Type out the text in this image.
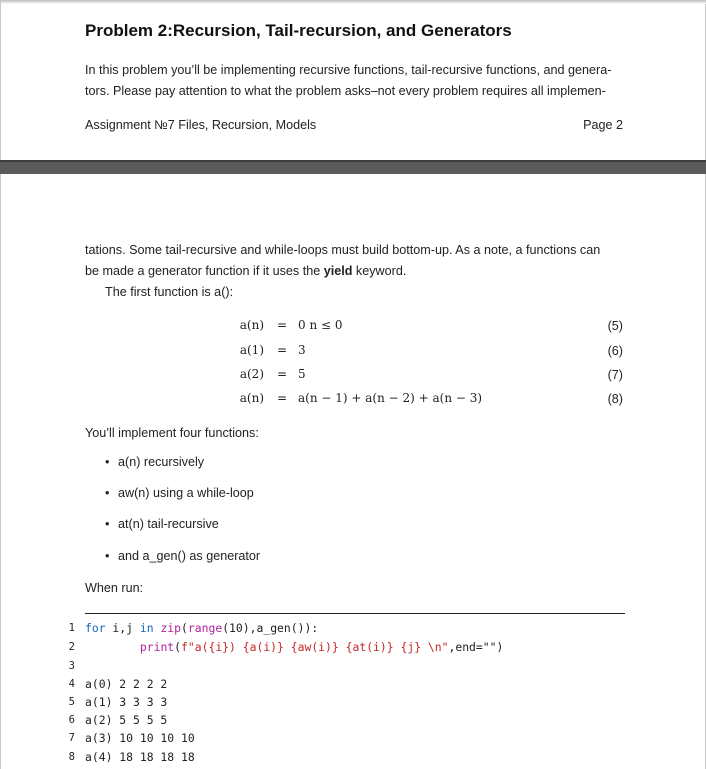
Problem 2:Recursion, Tail-recursion, and Generators
In this problem you’ll be implementing recursive functions, tail-recursive functions, and genera-
tors. Please pay attention to what the problem asks–not every problem requires all implemen-
Assignment №7 Files, Recursion, Models	Page 2
tations. Some tail-recursive and while-loops must build bottom-up. As a note, a functions can
be made a generator function if it uses the yield keyword.
The first function is a():
a(n) = 0 n ≤ 0	(5)
a(1) = 3	(6)
a(2) = 5	(7)
a(n) = a(n − 1) + a(n − 2) + a(n − 3)	(8)
You’ll implement four functions:
• a(n) recursively
• aw(n) using a while-loop
• at(n) tail-recursive
• and a_gen() as generator
When run:
1
2
3
4
5
6
7
8
for i,j in zip(range(10),a_gen()):
print(f"a({i}) {a(i)} {aw(i)} {at(i)} {j} \n",end="")
a(0) 2 2 2 2
a(1) 3 3 3 3
a(2) 5 5 5 5
a(3) 10 10 10 10
a(4) 18 18 18 18
